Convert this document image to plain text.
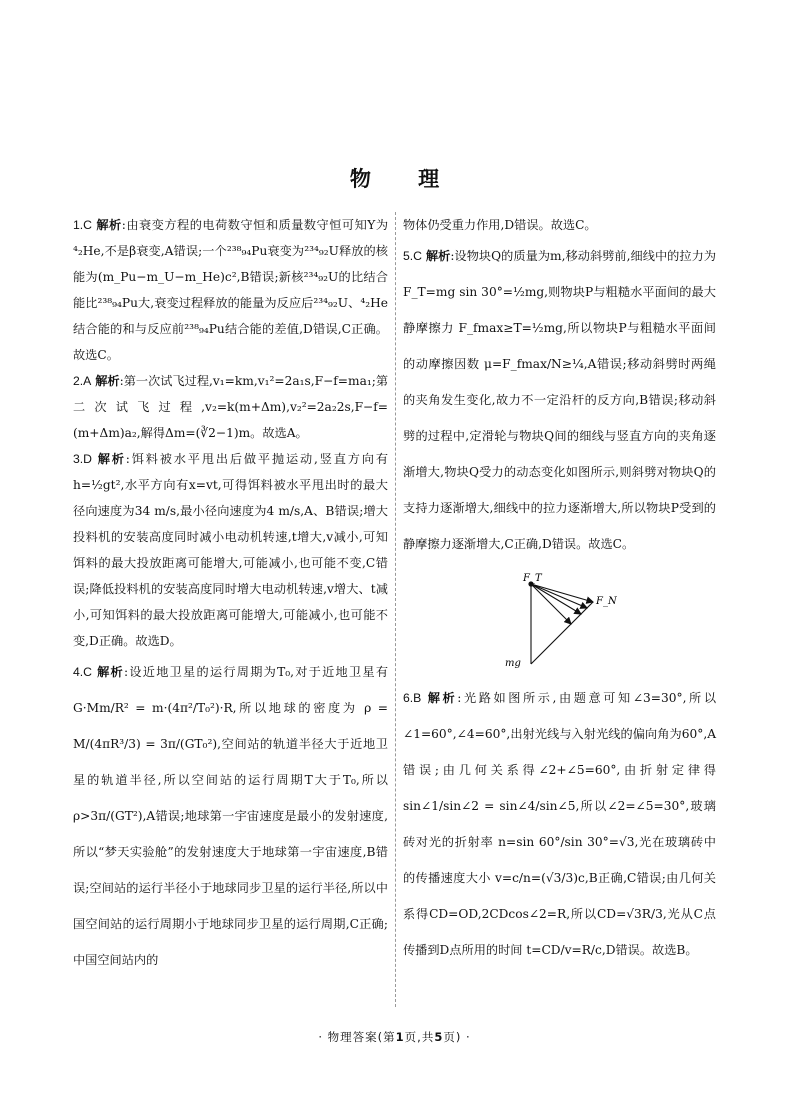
物 理

1.C 解析:由衰变方程的电荷数守恒和质量数守恒可知Y为⁴₂He,不是β衰变,A错误;一个²³⁸₉₄Pu衰变为²³⁴₉₂U释放的核能为(m_Pu−m_U−m_He)c²,B错误;新核²³⁴₉₂U的比结合能比²³⁸₉₄Pu大,衰变过程释放的能量为反应后²³⁴₉₂U、⁴₂He结合能的和与反应前²³⁸₉₄Pu结合能的差值,D错误,C正确。故选C。

2.A 解析:第一次试飞过程,v₁=km,v₁²=2a₁s,F−f=ma₁;第二次试飞过程,v₂=k(m+Δm),v₂²=2a₂2s,F−f=(m+Δm)a₂,解得Δm=(∛2−1)m。故选A。

3.D 解析:饵料被水平甩出后做平抛运动,竖直方向有h=½gt²,水平方向有x=vt,可得饵料被水平甩出时的最大径向速度为34 m/s,最小径向速度为4 m/s,A、B错误;增大投料机的安装高度同时减小电动机转速,t增大,v减小,可知饵料的最大投放距离可能增大,可能减小,也可能不变,C错误;降低投料机的安装高度同时增大电动机转速,v增大、t减小,可知饵料的最大投放距离可能增大,可能减小,也可能不变,D正确。故选D。

4.C 解析:设近地卫星的运行周期为T₀,对于近地卫星有 G·Mm/R² = m·(4π²/T₀²)·R,所以地球的密度为 ρ = M/(4πR³/3) = 3π/(GT₀²),空间站的轨道半径大于近地卫星的轨道半径,所以空间站的运行周期T大于T₀,所以ρ>3π/(GT²),A错误;地球第一宇宙速度是最小的发射速度,所以“梦天实验舱”的发射速度大于地球第一宇宙速度,B错误;空间站的运行半径小于地球同步卫星的运行半径,所以中国空间站的运行周期小于地球同步卫星的运行周期,C正确;中国空间站内的

物体仍受重力作用,D错误。故选C。

5.C 解析:设物块Q的质量为m,移动斜劈前,细线中的拉力为 F_T=mg sin 30°=½mg,则物块P与粗糙水平面间的最大静摩擦力 F_fmax≥T=½mg,所以物块P与粗糙水平面间的动摩擦因数 μ=F_fmax/N≥¼,A错误;移动斜劈时两绳的夹角发生变化,故力不一定沿杆的反方向,B错误;移动斜劈的过程中,定滑轮与物块Q间的细线与竖直方向的夹角逐渐增大,物块Q受力的动态变化如图所示,则斜劈对物块Q的支持力逐渐增大,细线中的拉力逐渐增大,所以物块P受到的静摩擦力逐渐增大,C正确,D错误。故选C。

F_T
F_N
mg

6.B 解析:光路如图所示,由题意可知∠3=30°,所以∠1=60°,∠4=60°,出射光线与入射光线的偏向角为60°,A错误;由几何关系得∠2+∠5=60°,由折射定律得 sin∠1/sin∠2 = sin∠4/sin∠5,所以∠2=∠5=30°,玻璃砖对光的折射率 n=sin 60°/sin 30°=√3,光在玻璃砖中的传播速度大小 v=c/n=(√3/3)c,B正确,C错误;由几何关系得CD=OD,2CDcos∠2=R,所以CD=√3R/3,光从C点传播到D点所用的时间 t=CD/v=R/c,D错误。故选B。

· 物理答案(第1页,共5页) ·
